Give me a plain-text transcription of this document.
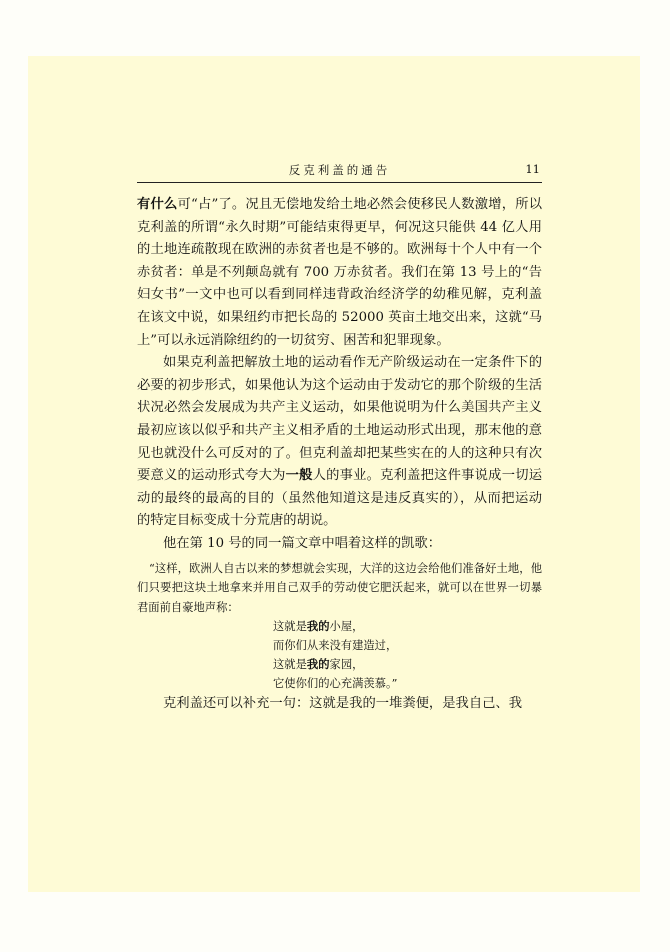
反克利盖的通告	11

有什么可“占”了。况且无偿地发给土地必然会使移民人数激增，所以克利盖的所谓“永久时期”可能结束得更早，何况这只能供 44 亿人用的土地连疏散现在欧洲的赤贫者也是不够的。欧洲每十个人中有一个赤贫者：单是不列颠岛就有 700 万赤贫者。我们在第 13 号上的“告妇女书”一文中也可以看到同样违背政治经济学的幼稚见解，克利盖在该文中说，如果纽约市把长岛的 52000 英亩土地交出来，这就“马上”可以永远消除纽约的一切贫穷、困苦和犯罪现象。

如果克利盖把解放土地的运动看作无产阶级运动在一定条件下的必要的初步形式，如果他认为这个运动由于发动它的那个阶级的生活状况必然会发展成为共产主义运动，如果他说明为什么美国共产主义最初应该以似乎和共产主义相矛盾的土地运动形式出现，那末他的意见也就没什么可反对的了。但克利盖却把某些实在的人的这种只有次要意义的运动形式夸大为一般人的事业。克利盖把这件事说成一切运动的最终的最高的目的（虽然他知道这是违反真实的），从而把运动的特定目标变成十分荒唐的胡说。

他在第 10 号的同一篇文章中唱着这样的凯歌：

“这样，欧洲人自古以来的梦想就会实现，大洋的这边会给他们准备好土地，他们只要把这块土地拿来并用自己双手的劳动使它肥沃起来，就可以在世界一切暴君面前自豪地声称：

这就是我的小屋，
而你们从来没有建造过，
这就是我的家园，
它使你们的心充满羡慕。”

克利盖还可以补充一句：这就是我的一堆粪便，是我自己、我
